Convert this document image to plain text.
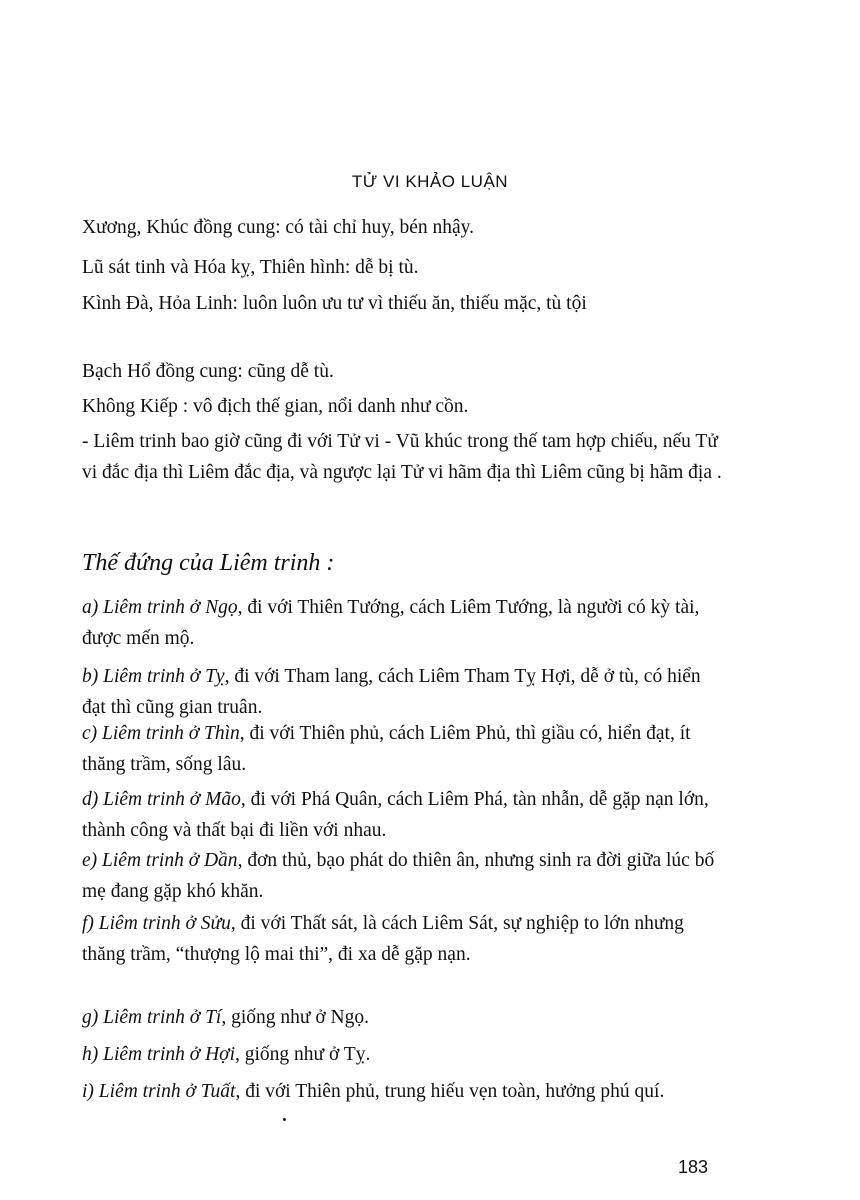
TỬ VI KHẢO LUẬN
Xương, Khúc đồng cung: có tài chỉ huy, bén nhậy.
Lũ sát tinh và Hóa kỵ, Thiên hình: dễ bị tù.
Kình Đà, Hỏa Linh: luôn luôn ưu tư vì thiếu ăn, thiếu mặc, tù tội
Bạch Hổ đồng cung: cũng dễ tù.
Không Kiếp : vô địch thế gian, nổi danh như cồn.
- Liêm trinh bao giờ cũng đi với Tử vi - Vũ khúc trong thế tam hợp chiếu, nếu Tử vi đắc địa thì Liêm đắc địa, và ngược lại Tử vi hãm địa thì Liêm cũng bị hãm địa .
Thế đứng của Liêm trinh :
a) Liêm trinh ở Ngọ, đi với Thiên Tướng, cách Liêm Tướng, là người có kỳ tài, được mến mộ.
b) Liêm trinh ở Tỵ, đi với Tham lang, cách Liêm Tham Tỵ Hợi, dễ ở tù, có hiển đạt thì cũng gian truân.
c) Liêm trinh ở Thìn, đi với Thiên phủ, cách Liêm Phủ, thì giầu có, hiển đạt, ít thăng trầm, sống lâu.
d) Liêm trinh ở Mão, đi với Phá Quân, cách Liêm Phá, tàn nhẫn, dễ gặp nạn lớn, thành công và thất bại đi liền với nhau.
e) Liêm trinh ở Dần, đơn thủ, bạo phát do thiên ân, nhưng sinh ra đời giữa lúc bố mẹ đang gặp khó khăn.
f) Liêm trinh ở Sửu, đi với Thất sát, là cách Liêm Sát, sự nghiệp to lớn nhưng thăng trầm, “thượng lộ mai thi”, đi xa dễ gặp nạn.
g) Liêm trinh ở Tí, giống như ở Ngọ.
h) Liêm trinh ở Hợi, giống như ở Tỵ.
i) Liêm trinh ở Tuất, đi với Thiên phủ, trung hiếu vẹn toàn, hưởng phú quí.
183
